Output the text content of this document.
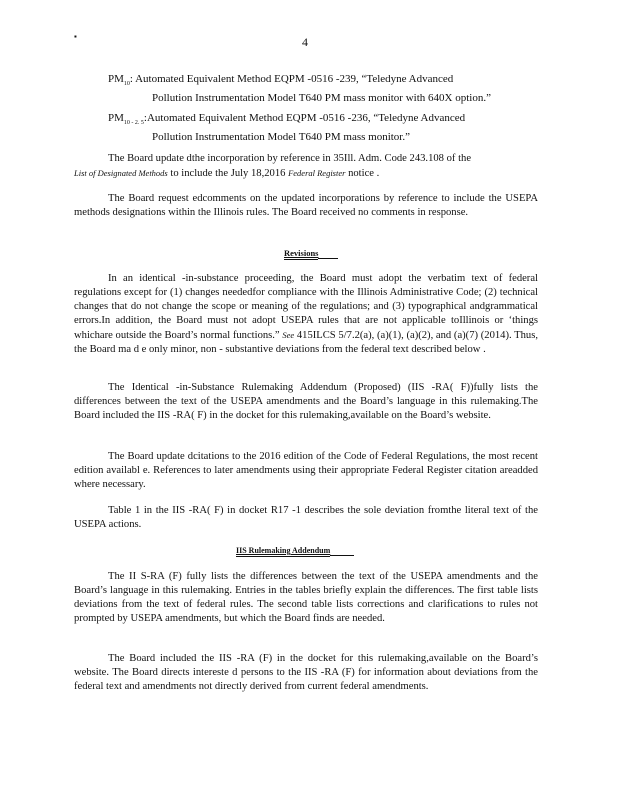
▪	4
$PM_{10}$: Automated Equivalent Method EQPM -0516 -239, “Teledyne Advanced
Pollution Instrumentation Model T640 PM mass monitor with 640X option.”
$PM_{10 - 2. 5}:Automated$ Equivalent Method EQPM -0516 -236, “Teledyne Advanced
Pollution Instrumentation Model T640 PM mass monitor.”

The Board update dthe incorporation by reference in 35Ill. Adm. Code 243.108 of the

List of Designated Methods to include the July 18,2016 Federal Register notice .

The Board request edcomments on the updated incorporations by reference to include the USEPA methods designations within the Illinois rules. The Board received no comments in response.

Revisions

In an identical -in-substance proceeding, the Board must adopt the verbatim text of federal regulations except for (1) changes neededfor compliance with the Illinois Administrative Code; (2) technical changes that do not change the scope or meaning of the regulations; and (3) typographical andgrammatical errors.In addition, the Board must not adopt USEPA rules that are not applicable toIllinois or ‘things whichare outside the Board’s normal functions.” See 415ILCS 5/7.2(a), (a)(1), (a)(2), and (a)(7) (2014). Thus, the Board ma d e only minor, non - substantive deviations from the federal text described below .

The Identical -in-Substance Rulemaking Addendum (Proposed) (IIS -RA( F))fully lists the differences between the text of the USEPA amendments and the Board’s language in this rulemaking.The Board included the IIS -RA( F) in the docket for this rulemaking,available on the Board’s website.

The Board update dcitations to the 2016 edition of the Code of Federal Regulations, the most recent edition availabl e. References to later amendments using their appropriate Federal Register citation areadded where necessary.

Table 1 in the IIS -RA( F) in docket R17 -1 describes the sole deviation fromthe literal text of the USEPA actions.

IIS Rulemaking Addendum

The II S-RA (F) fully lists the differences between the text of the USEPA amendments and the Board’s language in this rulemaking. Entries in the tables briefly explain the differences. The first table lists deviations from the text of federal rules. The second table lists corrections and clarifications to rules not prompted by USEPA amendments, but which the Board finds are needed.

The Board included the IIS -RA (F) in the docket for this rulemaking,available on the Board’s website. The Board directs intereste d persons to the IIS -RA (F) for information about deviations from the federal text and amendments not directly derived from current federal amendments.
